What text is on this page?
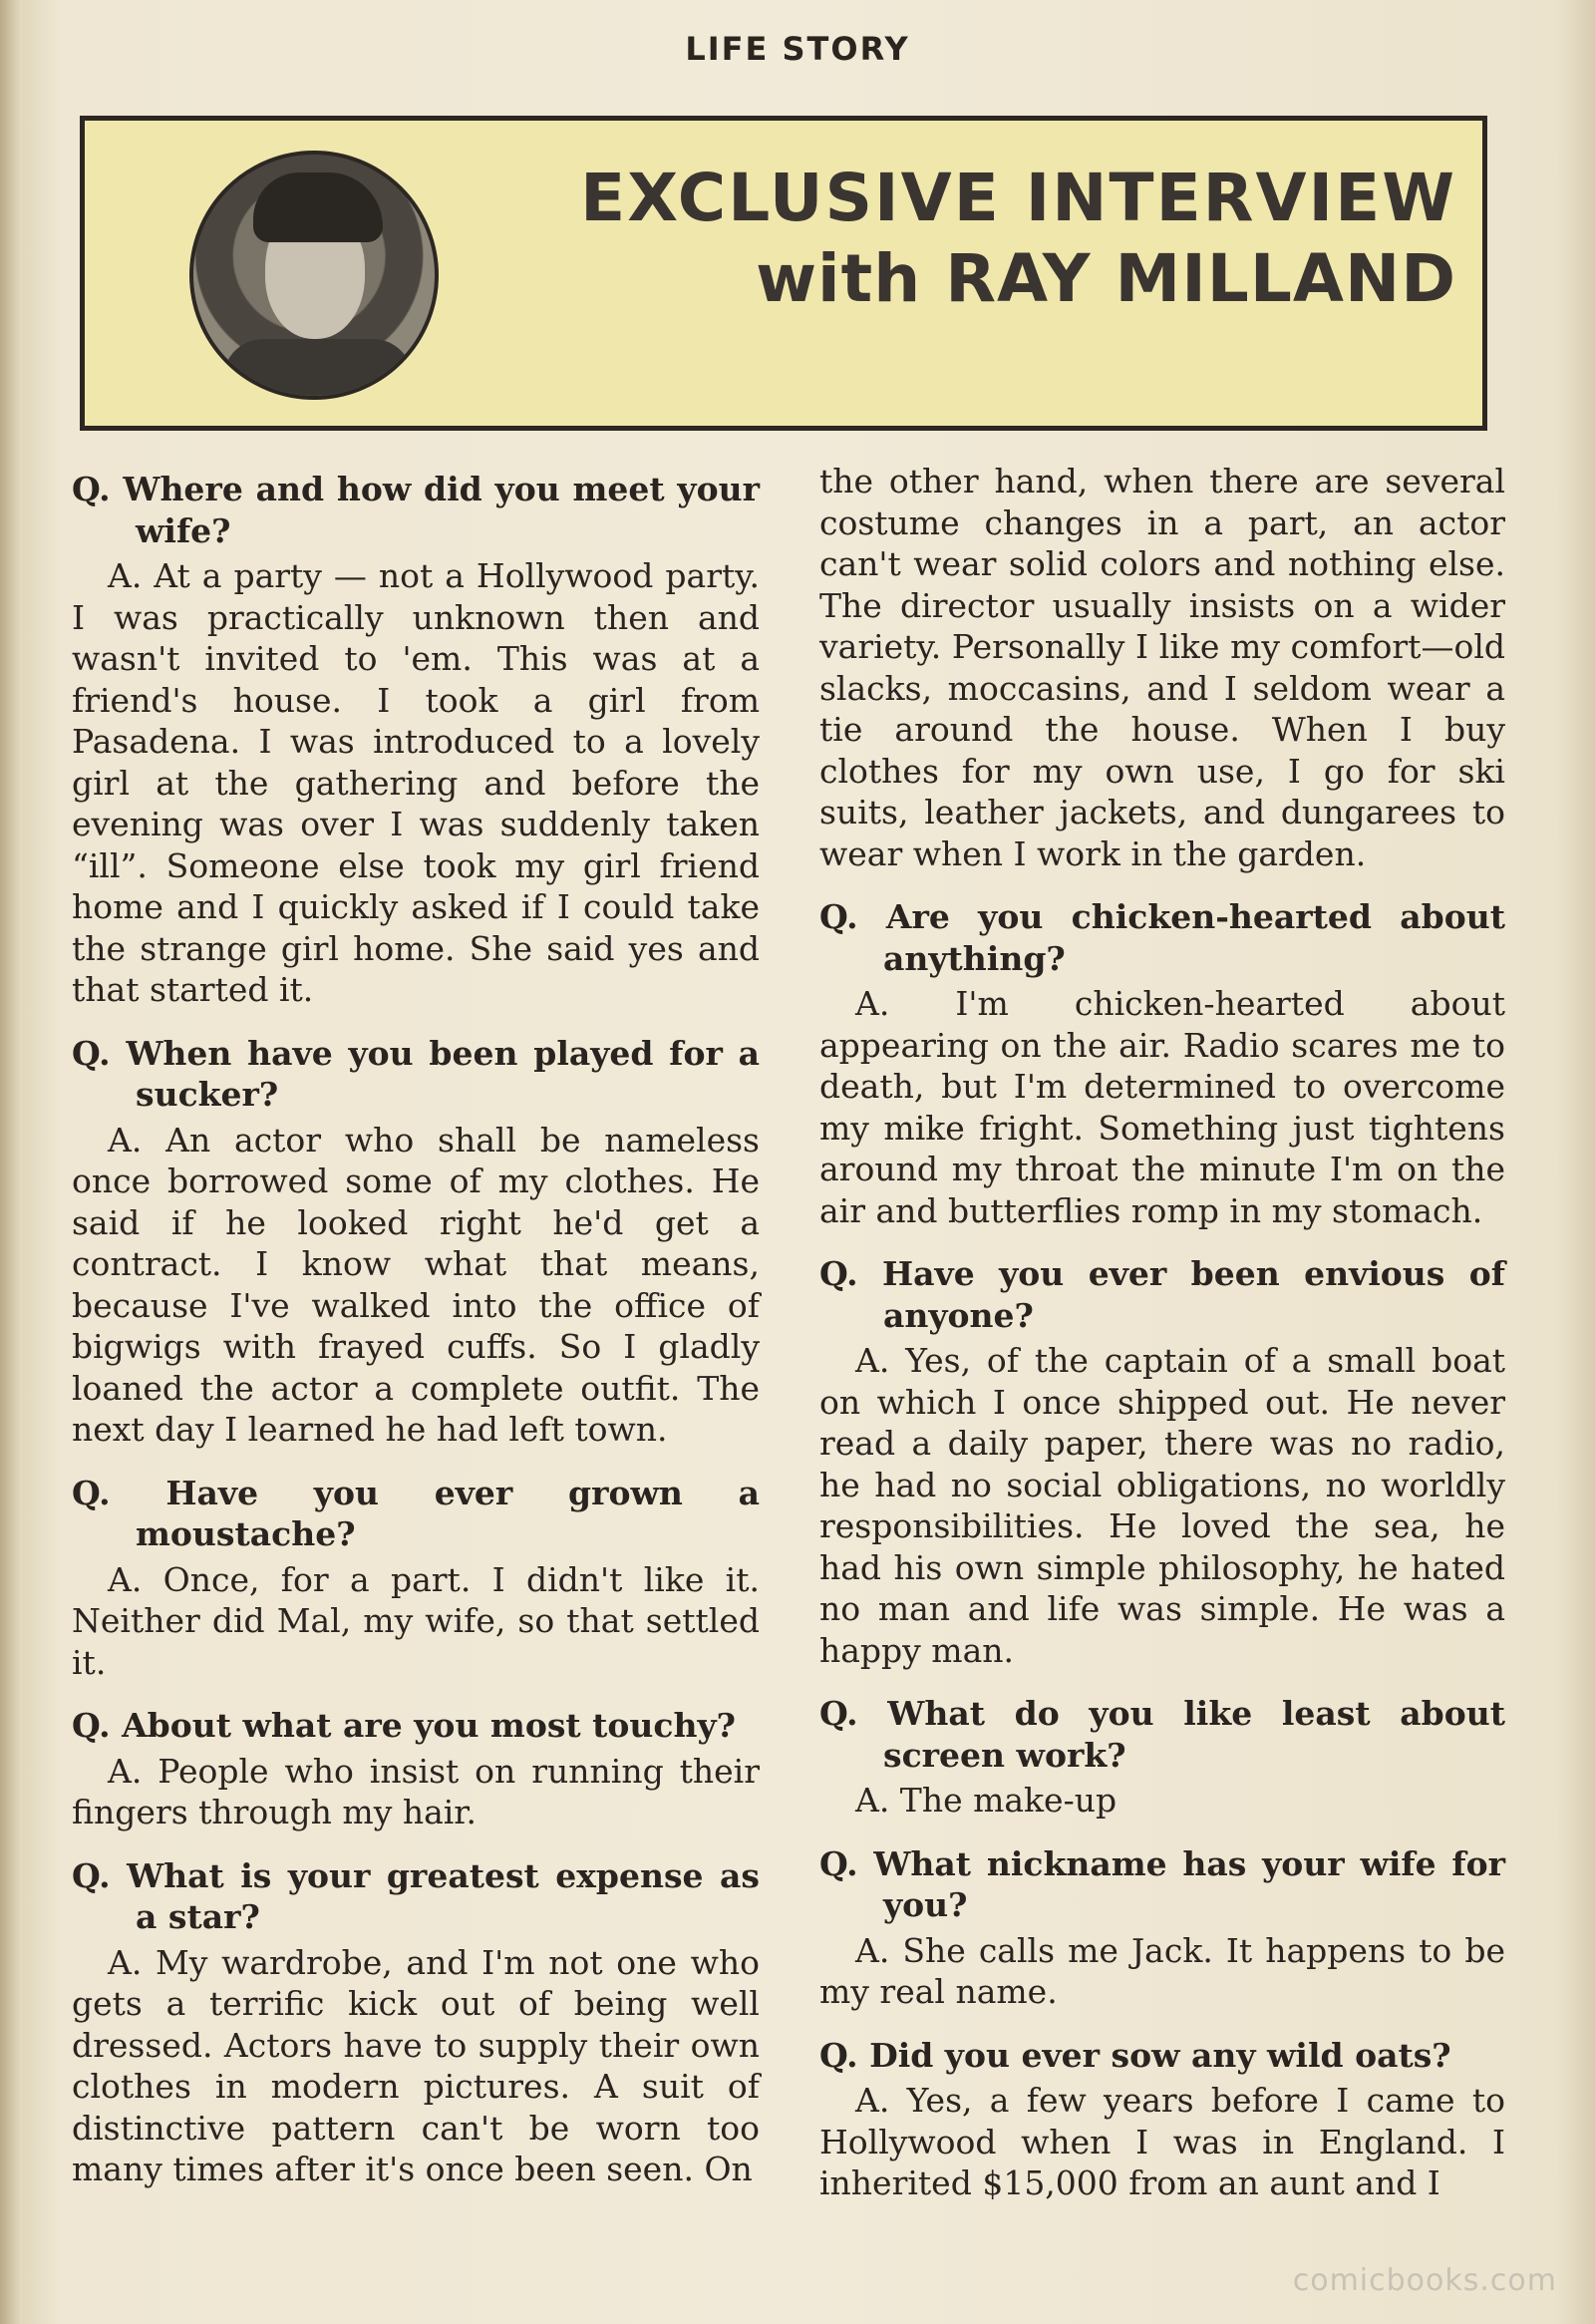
LIFE STORY
EXCLUSIVE INTERVIEW
with RAY MILLAND

Q. Where and how did you meet your wife?

A. At a party — not a Hollywood party. I was practically unknown then and wasn't invited to 'em. This was at a friend's house. I took a girl from Pasadena. I was introduced to a lovely girl at the gathering and before the evening was over I was suddenly taken “ill”. Someone else took my girl friend home and I quickly asked if I could take the strange girl home. She said yes and that started it.

Q. When have you been played for a sucker?

A. An actor who shall be nameless once borrowed some of my clothes. He said if he looked right he'd get a contract. I know what that means, because I've walked into the office of bigwigs with frayed cuffs. So I gladly loaned the actor a complete outfit. The next day I learned he had left town.

Q. Have you ever grown a moustache?

A. Once, for a part. I didn't like it. Neither did Mal, my wife, so that settled it.

Q. About what are you most touchy?

A. People who insist on running their fingers through my hair.

Q. What is your greatest expense as a star?

A. My wardrobe, and I'm not one who gets a terrific kick out of being well dressed. Actors have to supply their own clothes in modern pictures. A suit of distinctive pattern can't be worn too many times after it's once been seen. On

the other hand, when there are several costume changes in a part, an actor can't wear solid colors and nothing else. The director usually insists on a wider variety. Personally I like my comfort—old slacks, moccasins, and I seldom wear a tie around the house. When I buy clothes for my own use, I go for ski suits, leather jackets, and dungarees to wear when I work in the garden.

Q. Are you chicken-hearted about anything?

A. I'm chicken-hearted about appearing on the air. Radio scares me to death, but I'm determined to overcome my mike fright. Something just tightens around my throat the minute I'm on the air and butterflies romp in my stomach.

Q. Have you ever been envious of anyone?

A. Yes, of the captain of a small boat on which I once shipped out. He never read a daily paper, there was no radio, he had no social obligations, no worldly responsibilities. He loved the sea, he had his own simple philosophy, he hated no man and life was simple. He was a happy man.

Q. What do you like least about screen work?

A. The make-up

Q. What nickname has your wife for you?

A. She calls me Jack. It happens to be my real name.

Q. Did you ever sow any wild oats?

A. Yes, a few years before I came to Hollywood when I was in England. I inherited $15,000 from an aunt and I

comicbooks.com
